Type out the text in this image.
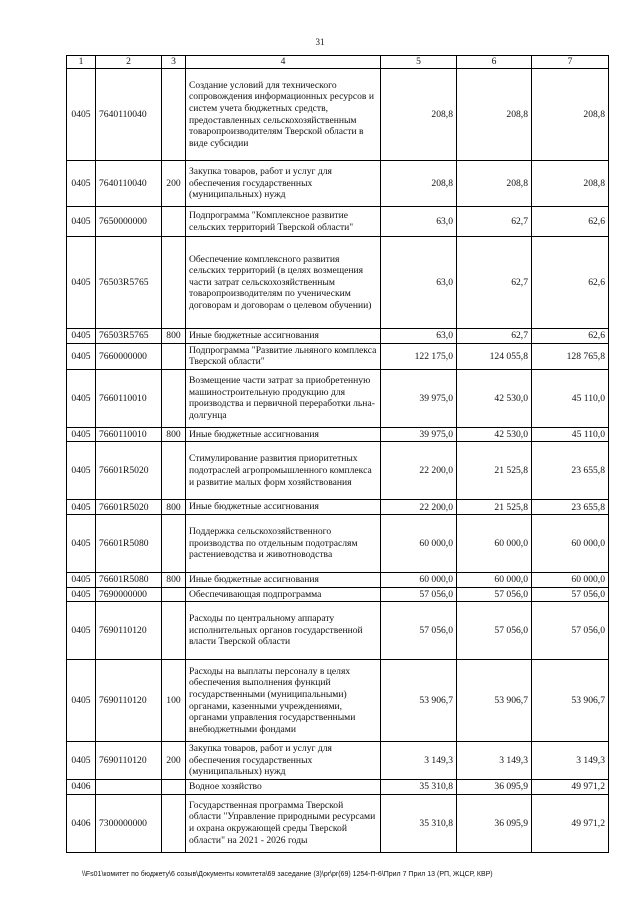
31
1	2	3	4	5	6	7
0405	7640110040		Создание условий для технического сопровождения информационных ресурсов и систем учета бюджетных средств, предоставленных сельскохозяйственным товаропроизводителям Тверской области в виде субсидии	208,8	208,8	208,8
0405	7640110040	200	Закупка товаров, работ и услуг для обеспечения государственных (муниципальных) нужд	208,8	208,8	208,8
0405	7650000000		Подпрограмма "Комплексное развитие сельских территорий Тверской области"	63,0	62,7	62,6
0405	76503R5765		Обеспечение комплексного развития сельских территорий (в целях возмещения части затрат сельскохозяйственным товаропроизводителям по ученическим договорам и договорам о целевом обучении)	63,0	62,7	62,6
0405	76503R5765	800	Иные бюджетные ассигнования	63,0	62,7	62,6
0405	7660000000		Подпрограмма "Развитие льняного комплекса Тверской области"	122 175,0	124 055,8	128 765,8
0405	7660110010		Возмещение части затрат за приобретенную машиностроительную продукцию для производства и первичной переработки льна-долгунца	39 975,0	42 530,0	45 110,0
0405	7660110010	800	Иные бюджетные ассигнования	39 975,0	42 530,0	45 110,0
0405	76601R5020		Стимулирование развития приоритетных подотраслей агропромышленного комплекса и развитие малых форм хозяйствования	22 200,0	21 525,8	23 655,8
0405	76601R5020	800	Иные бюджетные ассигнования	22 200,0	21 525,8	23 655,8
0405	76601R5080		Поддержка сельскохозяйственного производства по отдельным подотраслям растениеводства и животноводства	60 000,0	60 000,0	60 000,0
0405	76601R5080	800	Иные бюджетные ассигнования	60 000,0	60 000,0	60 000,0
0405	7690000000		Обеспечивающая подпрограмма	57 056,0	57 056,0	57 056,0
0405	7690110120		Расходы по центральному аппарату исполнительных органов государственной власти Тверской области	57 056,0	57 056,0	57 056,0
0405	7690110120	100	Расходы на выплаты персоналу в целях обеспечения выполнения функций государственными (муниципальными) органами, казенными учреждениями, органами управления государственными внебюджетными фондами	53 906,7	53 906,7	53 906,7
0405	7690110120	200	Закупка товаров, работ и услуг для обеспечения государственных (муниципальных) нужд	3 149,3	3 149,3	3 149,3
0406			Водное хозяйство	35 310,8	36 095,9	49 971,2
0406	7300000000		Государственная программа Тверской области "Управление природными ресурсами и охрана окружающей среды Тверской области" на 2021 - 2026 годы	35 310,8	36 095,9	49 971,2
\\Fs01\комитет по бюджету\6 созыв\Документы комитета\69 заседание (3)\pr\pr(69) 1254-П-6\Прил 7 Прил 13 (РП, ЖЦСР, КВР)
